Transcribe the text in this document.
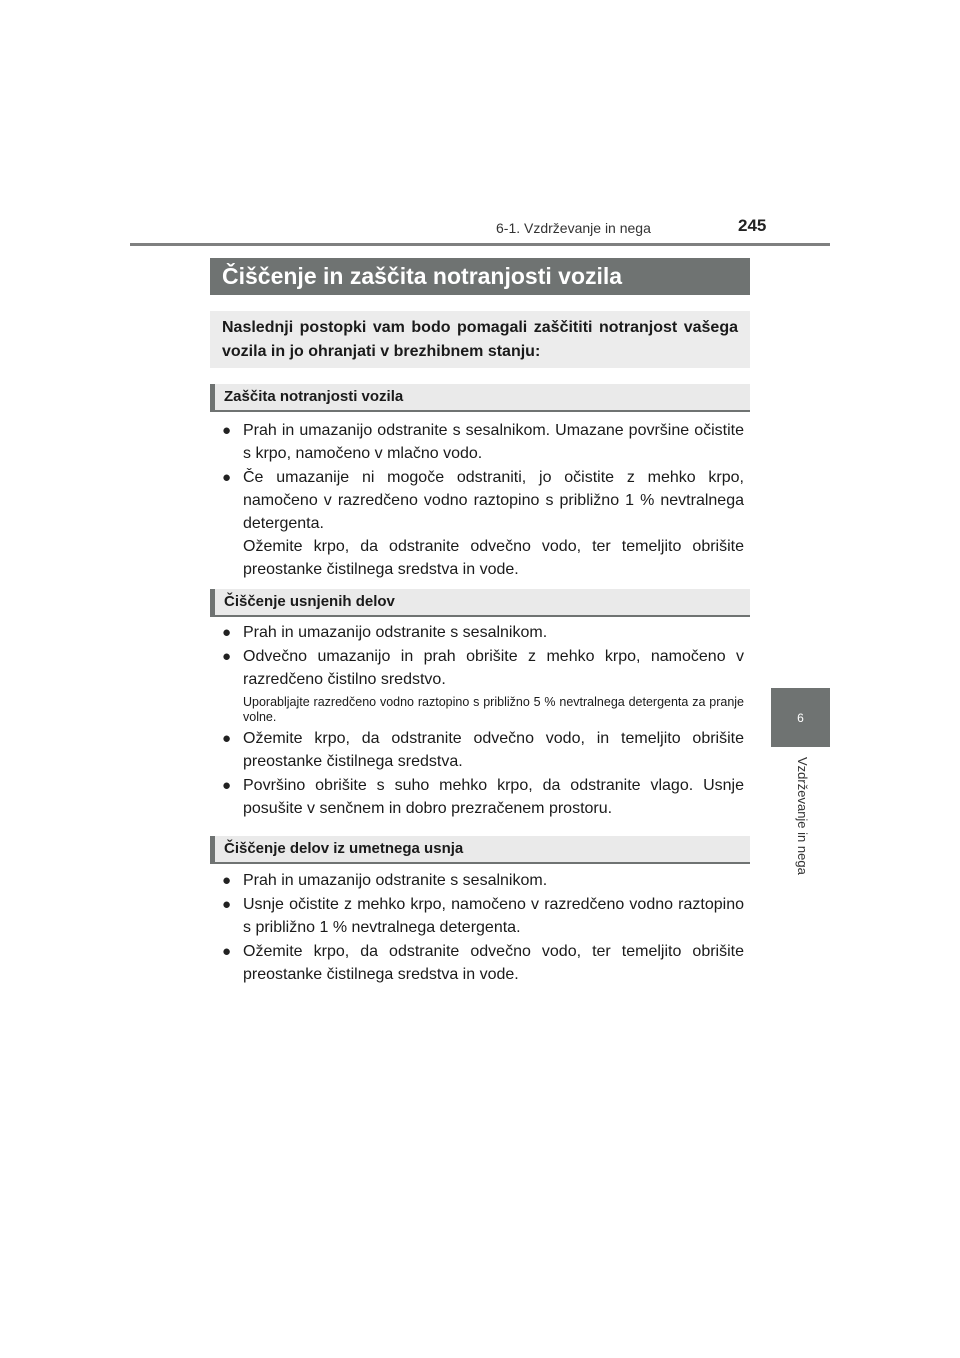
6-1. Vzdrževanje in nega	245
6
Vzdrževanje in nega
Čiščenje in zaščita notranjosti vozila
Naslednji postopki vam bodo pomagali zaščititi notranjost vašega vozila in jo ohranjati v brezhibnem stanju:
Zaščita notranjosti vozila
● Prah in umazanijo odstranite s sesalnikom. Umazane površine očistite s krpo, namočeno v mlačno vodo.

● Če umazanije ni mogoče odstraniti, jo očistite z mehko krpo, namočeno v razredčeno vodno raztopino s približno 1 % nevtralnega detergenta.

Ožemite krpo, da odstranite odvečno vodo, ter temeljito obrišite preostanke čistilnega sredstva in vode.

Čiščenje usnjenih delov
● Prah in umazanijo odstranite s sesalnikom.

● Odvečno umazanijo in prah obrišite z mehko krpo, namočeno v razredčeno čistilno sredstvo.

Uporabljajte razredčeno vodno raztopino s približno 5 % nevtralnega detergenta za pranje volne.
● Ožemite krpo, da odstranite odvečno vodo, in temeljito obrišite preostanke čistilnega sredstva.

● Površino obrišite s suho mehko krpo, da odstranite vlago. Usnje posušite v senčnem in dobro prezračenem prostoru.

Čiščenje delov iz umetnega usnja
● Prah in umazanijo odstranite s sesalnikom.

● Usnje očistite z mehko krpo, namočeno v razredčeno vodno raztopino s približno 1 % nevtralnega detergenta.

● Ožemite krpo, da odstranite odvečno vodo, ter temeljito obrišite preostanke čistilnega sredstva in vode.
